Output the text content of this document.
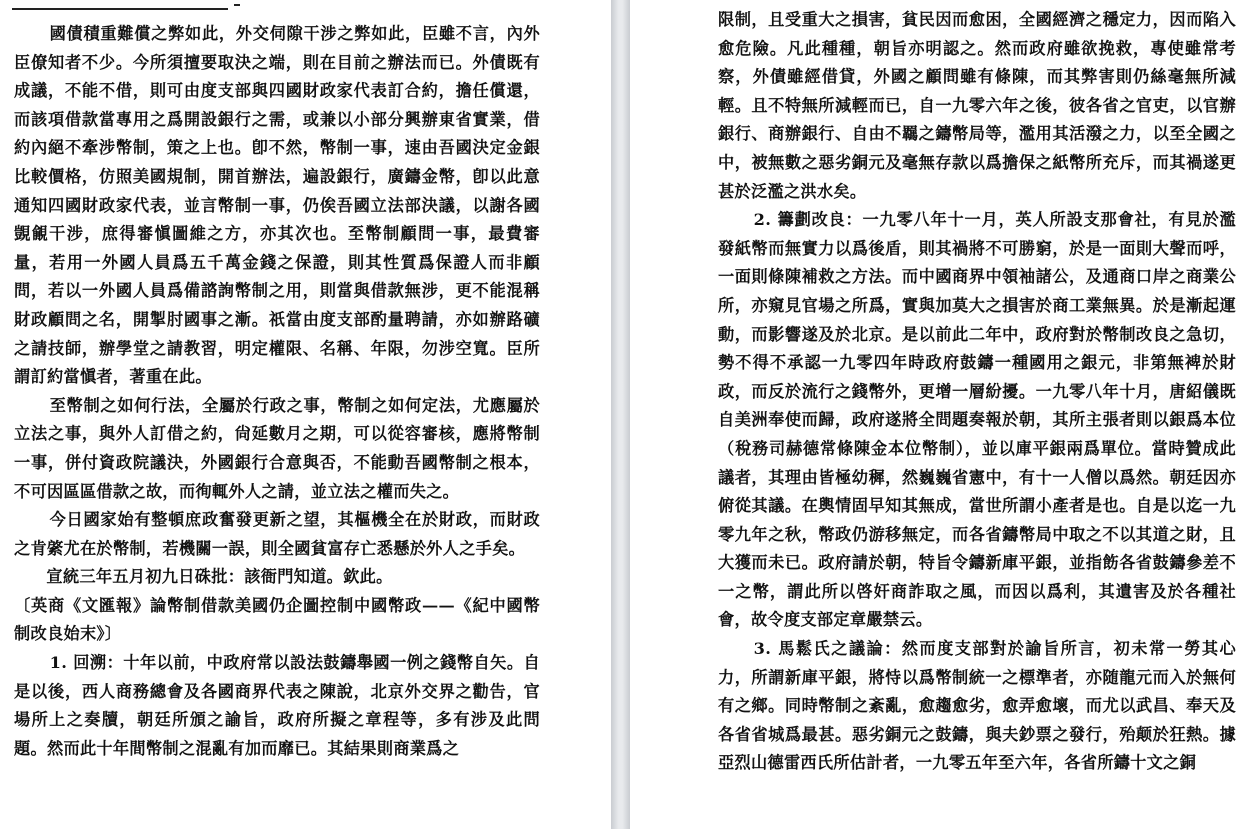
國債積重難償之弊如此，外交伺隙干涉之弊如此，臣雖不言，內外臣僚知者不少。今所須擅要取決之端，則在目前之辦法而已。外債既有成議，不能不借，則可由度支部與四國財政家代表訂合約，擔任償還，而該項借款當專用之爲開設銀行之需，或兼以小部分興辦東省實業，借約內絕不牽涉幣制，策之上也。卽不然，幣制一事，速由吾國決定金銀比較價格，仿照美國規制，開首辦法，遍設銀行，廣鑄金幣，卽以此意通知四國財政家代表，並言幣制一事，仍俟吾國立法部決議，以謝各國覬覦干涉，庶得審愼圖維之方，亦其次也。至幣制顧問一事，最費審量，若用一外國人員爲五千萬金錢之保證，則其性質爲保證人而非顧問，若以一外國人員爲備諮詢幣制之用，則當與借款無涉，更不能混稱財政顧問之名，開掣肘國事之漸。祇當由度支部酌量聘請，亦如辦路礦之請技師，辦學堂之請教習，明定權限、名稱、年限，勿涉空寬。臣所謂訂約當愼者，著重在此。

至幣制之如何行法，全屬於行政之事，幣制之如何定法，尤應屬於立法之事，與外人訂借之約，尙延數月之期，可以從容審核，應將幣制一事，併付資政院議決，外國銀行合意與否，不能動吾國幣制之根本，不可因區區借款之故，而徇輒外人之請，並立法之權而失之。

今日國家始有整頓庶政奮發更新之望，其樞機全在於財政，而財政之肯綮尤在於幣制，若機關一誤，則全國貧富存亡悉懸於外人之手矣。

宣統三年五月初九日硃批：該衙門知道。欽此。

〔英商《文匯報》論幣制借款美國仍企圖控制中國幣政——《紀中國幣制改良始末》〕

1. 回溯：十年以前，中政府常以設法鼓鑄舉國一例之錢幣自矢。自是以後，西人商務總會及各國商界代表之陳說，北京外交界之勸告，官場所上之奏牘，朝廷所頒之諭旨，政府所擬之章程等，多有涉及此問題。然而此十年間幣制之混亂有加而靡已。其結果則商業爲之

限制，且受重大之損害，貧民因而愈困，全國經濟之穩定力，因而陷入愈危險。凡此種種，朝旨亦明認之。然而政府雖欲挽救，專使雖常考察，外債雖經借貸，外國之顧問雖有條陳，而其弊害則仍絲毫無所減輕。且不特無所減輕而已，自一九零六年之後，彼各省之官吏，以官辦銀行、商辦銀行、自由不羈之鑄幣局等，濫用其活潑之力，以至全國之中，被無數之惡劣銅元及毫無存款以爲擔保之紙幣所充斥，而其禍遂更甚於泛濫之洪水矣。

2. 籌劃改良：一九零八年十一月，英人所設支那會社，有見於濫發紙幣而無實力以爲後盾，則其禍將不可勝窮，於是一面則大聲而呼，一面則條陳補救之方法。而中國商界中領袖諸公，及通商口岸之商業公所，亦窺見官場之所爲，實與加莫大之損害於商工業無異。於是漸起運動，而影響遂及於北京。是以前此二年中，政府對於幣制改良之急切，勢不得不承認一九零四年時政府鼓鑄一種國用之銀元，非第無裨於財政，而反於流行之錢幣外，更增一層紛擾。一九零八年十月，唐紹儀既自美洲奉使而歸，政府遂將全問題奏報於朝，其所主張者則以銀爲本位（稅務司赫德常條陳金本位幣制），並以庫平銀兩爲單位。當時贊成此議者，其理由皆極幼穉，然巍巍省憲中，有十一人僧以爲然。朝廷因亦俯從其議。在輿情固早知其無成，當世所謂小產者是也。自是以迄一九零九年之秋，幣政仍游移無定，而各省鑄幣局中取之不以其道之財，且大獲而未已。政府請於朝，特旨令鑄新庫平銀，並指飭各省鼓鑄參差不一之幣，謂此所以啓奸商詐取之風，而因以爲利，其遺害及於各種社會，故令度支部定章嚴禁云。

3. 馬鬆氏之議論：然而度支部對於諭旨所言，初未常一勞其心力，所謂新庫平銀，將恃以爲幣制統一之標準者，亦随龍元而入於無何有之鄉。同時幣制之紊亂，愈趨愈劣，愈弄愈壞，而尤以武昌、奉天及各省省城爲最甚。惡劣銅元之鼓鑄，與夫鈔票之發行，殆颠於狂熱。據亞烈山德雷西氏所估計者，一九零五年至六年，各省所鑄十文之銅
